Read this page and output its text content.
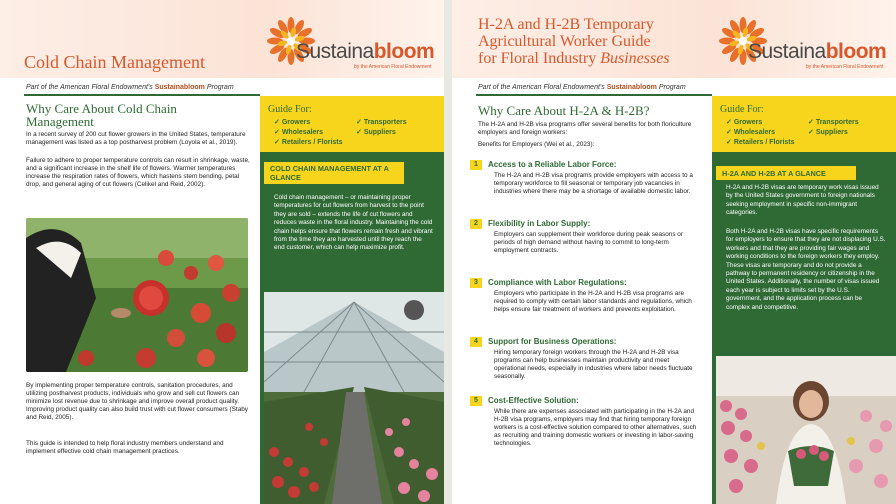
Cold Chain Management	Sustainabloom
by the American Floral Endowment
Part of the American Floral Endowment's Sustainabloom Program
Why Care About Cold Chain Management
In a recent survey of 200 cut flower growers in the United States, temperature management was listed as a top postharvest problem (Loyola et al., 2019).
Failure to adhere to proper temperature controls can result in shrinkage, waste, and a significant increase in the shelf life of flowers. Warmer temperatures increase the respiration rates of flowers, which hastens stem bending, petal drop, and general aging of cut flowers (Celikel and Reid, 2002).
By implementing proper temperature controls, sanitation procedures, and utilizing postharvest products, individuals who grow and sell cut flowers can minimize lost revenue due to shrinkage and improve overall product quality. Improving product quality can also build trust with cut flower consumers (Staby and Reid, 2005).
This guide is intended to help floral industry members understand and implement effective cold chain management practices.
Guide For:
✓ Growers	✓ Transporters
✓ Wholesalers	✓ Suppliers
✓ Retailers / Florists
COLD CHAIN MANAGEMENT AT A GLANCE
Cold chain management – or maintaining proper temperatures for cut flowers from harvest to the point they are sold – extends the life of cut flowers and reduces waste in the floral industry. Maintaining the cold chain helps ensure that flowers remain fresh and vibrant from the time they are harvested until they reach the end customer, which can help maximize profit.
H-2A and H-2B Temporary
Agricultural Worker Guide
for Floral Industry Businesses	Sustainabloom
by the American Floral Endowment
Part of the American Floral Endowment's Sustainabloom Program
Why Care About H-2A & H-2B?
The H-2A and H-2B visa programs offer several benefits for both floriculture employers and foreign workers:
Benefits for Employers (Wei et al., 2023):
1	Access to a Reliable Labor Force:
The H-2A and H-2B visa programs provide employers with access to a temporary workforce to fill seasonal or temporary job vacancies in industries where there may be a shortage of available domestic labor.
2	Flexibility in Labor Supply:
Employers can supplement their workforce during peak seasons or periods of high demand without having to commit to long-term employment contracts.
3	Compliance with Labor Regulations:
Employers who participate in the H-2A and H-2B visa programs are required to comply with certain labor standards and regulations, which helps ensure fair treatment of workers and prevents exploitation.
4	Support for Business Operations:
Hiring temporary foreign workers through the H-2A and H-2B visa programs can help businesses maintain productivity and meet operational needs, especially in industries where labor needs fluctuate seasonally.
5	Cost-Effective Solution:
While there are expenses associated with participating in the H-2A and H-2B visa programs, employers may find that hiring temporary foreign workers is a cost-effective solution compared to other alternatives, such as recruiting and training domestic workers or investing in labor-saving technologies.
Guide For:
✓ Growers	✓ Transporters
✓ Wholesalers	✓ Suppliers
✓ Retailers / Florists
H-2A AND H-2B AT A GLANCE
H-2A and H-2B visas are temporary work visas issued by the United States government to foreign nationals seeking employment in specific non-immigrant categories.
Both H-2A and H-2B visas have specific requirements for employers to ensure that they are not displacing U.S. workers and that they are providing fair wages and working conditions to the foreign workers they employ. These visas are temporary and do not provide a pathway to permanent residency or citizenship in the United States. Additionally, the number of visas issued each year is subject to limits set by the U.S. government, and the application process can be complex and competitive.
